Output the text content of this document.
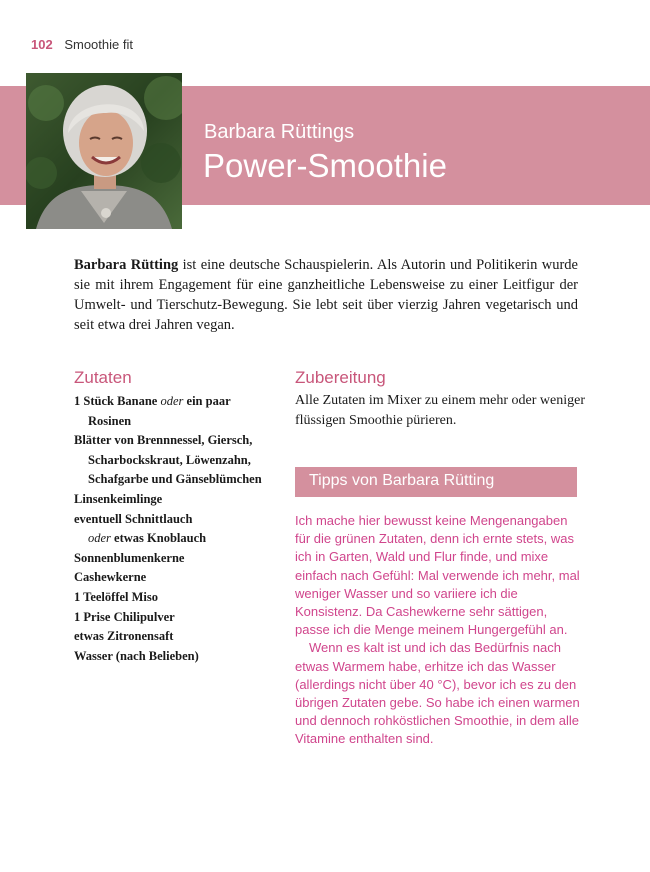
102 Smoothie fit
Barbara Rüttings
Power-Smoothie

Barbara Rütting ist eine deutsche Schauspielerin. Als Autorin und Politikerin wurde sie mit ihrem Engagement für eine ganzheitliche Lebensweise zu einer Leitfigur der Umwelt- und Tierschutz-Bewegung. Sie lebt seit über vierzig Jahren vegetarisch und seit etwa drei Jahren vegan.

Zutaten
1 Stück Banane oder ein paar
Rosinen
Blätter von Brennnessel, Giersch,
Scharbockskraut, Löwenzahn,
Schafgarbe und Gänseblümchen
Linsenkeimlinge
eventuell Schnittlauch
oder etwas Knoblauch
Sonnenblumenkerne
Cashewkerne
1 Teelöffel Miso
1 Prise Chilipulver
etwas Zitronensaft
Wasser (nach Belieben)
Zubereitung

Alle Zutaten im Mixer zu einem mehr oder weniger flüssigen Smoothie pürieren.

Tipps von Barbara Rütting

Ich mache hier bewusst keine Mengenangaben für die grünen Zutaten, denn ich ernte stets, was ich in Garten, Wald und Flur finde, und mixe einfach nach Gefühl: Mal verwende ich mehr, mal weniger Wasser und so variiere ich die Konsistenz. Da Cashewkerne sehr sättigen, passe ich die Menge meinem Hungergefühl an.

Wenn es kalt ist und ich das Bedürfnis nach etwas Warmem habe, erhitze ich das Wasser (allerdings nicht über 40 °C), bevor ich es zu den übrigen Zutaten gebe. So habe ich einen warmen und dennoch rohköstlichen Smoothie, in dem alle Vitamine enthalten sind.
